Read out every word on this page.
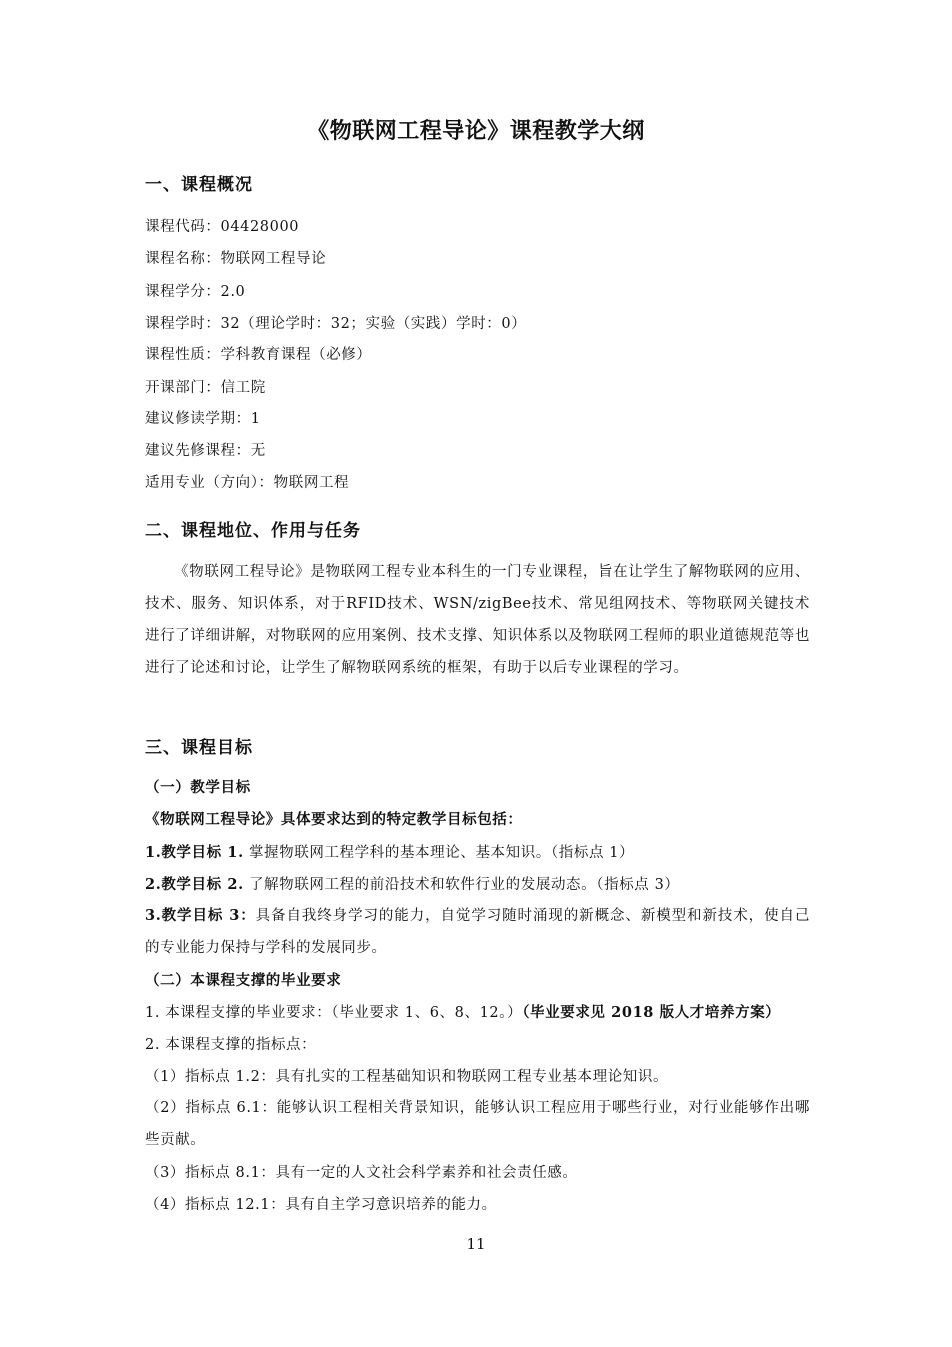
《物联网工程导论》课程教学大纲
一、课程概况
课程代码：04428000
课程名称：物联网工程导论
课程学分：2.0
课程学时：32（理论学时：32；实验（实践）学时：0）
课程性质：学科教育课程（必修）
开课部门：信工院
建议修读学期：1
建议先修课程：无
适用专业（方向）：物联网工程
二、课程地位、作用与任务
《物联网工程导论》是物联网工程专业本科生的一门专业课程，旨在让学生了解物联网的应用、技术、服务、知识体系，对于RFID技术、WSN/zigBee技术、常见组网技术、等物联网关键技术进行了详细讲解，对物联网的应用案例、技术支撑、知识体系以及物联网工程师的职业道德规范等也进行了论述和讨论，让学生了解物联网系统的框架，有助于以后专业课程的学习。
三、课程目标
（一）教学目标
《物联网工程导论》具体要求达到的特定教学目标包括：
1.教学目标 1. 掌握物联网工程学科的基本理论、基本知识。（指标点 1）
2.教学目标 2. 了解物联网工程的前沿技术和软件行业的发展动态。（指标点 3）
3.教学目标 3：具备自我终身学习的能力，自觉学习随时涌现的新概念、新模型和新技术，使自己的专业能力保持与学科的发展同步。
（二）本课程支撑的毕业要求
1. 本课程支撑的毕业要求：（毕业要求 1、6、8、12。）（毕业要求见 2018 版人才培养方案）
2. 本课程支撑的指标点：
（1）指标点 1.2：具有扎实的工程基础知识和物联网工程专业基本理论知识。
（2）指标点 6.1：能够认识工程相关背景知识，能够认识工程应用于哪些行业，对行业能够作出哪些贡献。
（3）指标点 8.1：具有一定的人文社会科学素养和社会责任感。
（4）指标点 12.1：具有自主学习意识培养的能力。
11
